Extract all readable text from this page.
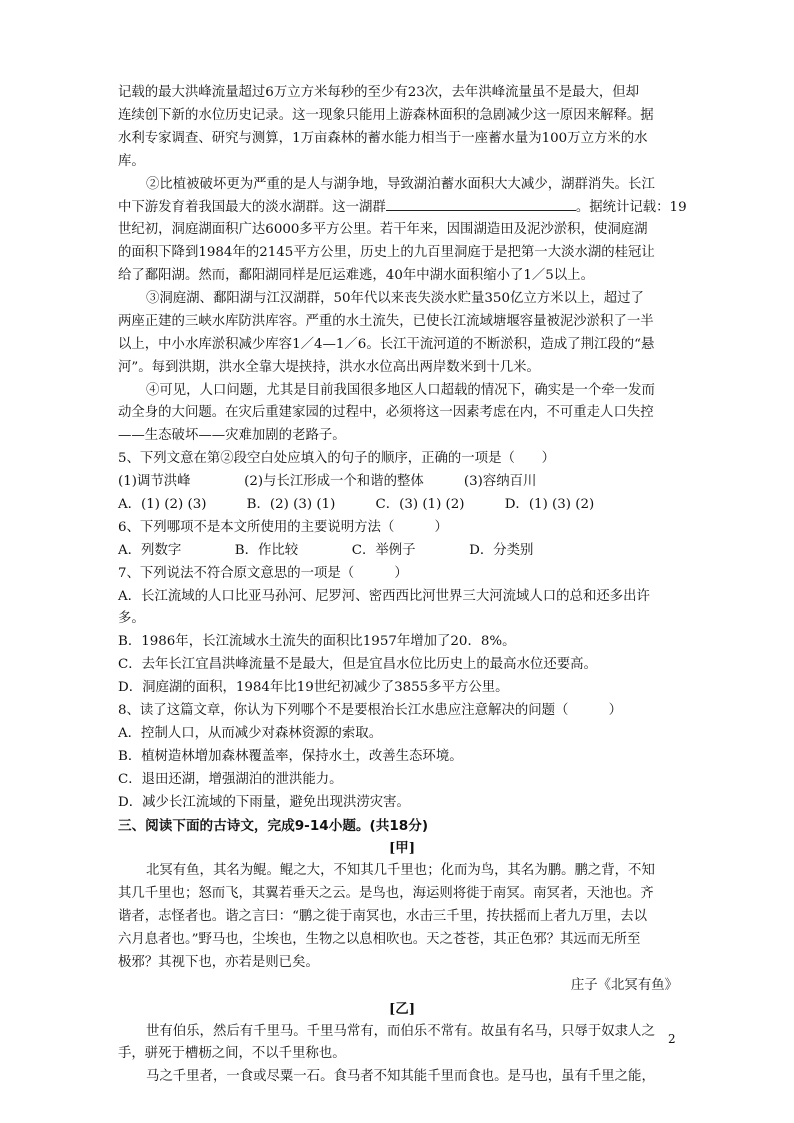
记载的最大洪峰流量超过6万立方米每秒的至少有23次，去年洪峰流量虽不是最大，但却
连续创下新的水位历史记录。这一现象只能用上游森林面积的急剧减少这一原因来解释。据
水利专家调查、研究与测算，1万亩森林的蓄水能力相当于一座蓄水量为100万立方米的水
库。
②比植被破坏更为严重的是人与湖争地，导致湖泊蓄水面积大大减少，湖群消失。长江
中下游发育着我国最大的淡水湖群。这一湖群	。据统计记载：19
世纪初，洞庭湖面积广达6000多平方公里。若干年来，因围湖造田及泥沙淤积，使洞庭湖
的面积下降到1984年的2145平方公里，历史上的九百里洞庭于是把第一大淡水湖的桂冠让
给了鄱阳湖。然而，鄱阳湖同样是厄运难逃，40年中湖水面积缩小了1／5以上。
③洞庭湖、鄱阳湖与江汉湖群，50年代以来丧失淡水贮量350亿立方米以上，超过了
两座正建的三峡水库防洪库容。严重的水土流失，已使长江流域塘堰容量被泥沙淤积了一半
以上，中小水库淤积减少库容1／4—1／6。长江干流河道的不断淤积，造成了荆江段的“悬
河”。每到洪期，洪水全靠大堤挟持，洪水水位高出两岸数米到十几米。
④可见，人口问题，尤其是目前我国很多地区人口超载的情况下，确实是一个牵一发而
动全身的大问题。在灾后重建家园的过程中，必须将这一因素考虑在内，不可重走人口失控
——生态破坏——灾难加剧的老路子。
5、下列文意在第②段空白处应填入的句子的顺序，正确的一项是（　　）
(1)调节洪峰　　　　(2)与长江形成一个和谐的整体　　　(3)容纳百川
A．(1) (2) (3)　　　B．(2) (3) (1)　　　C．(3) (1) (2)　　　D．(1) (3) (2)
6、下列哪项不是本文所使用的主要说明方法（　　　）
A．列数字　　　　B．作比较　　　　C．举例子　　　　D．分类别
7、下列说法不符合原文意思的一项是（　　　）
A．长江流域的人口比亚马孙河、尼罗河、密西西比河世界三大河流域人口的总和还多出许
多。
B．1986年，长江流域水土流失的面积比1957年增加了20．8%。
C．去年长江宜昌洪峰流量不是最大，但是宜昌水位比历史上的最高水位还要高。
D．洞庭湖的面积，1984年比19世纪初减少了3855多平方公里。
8、读了这篇文章，你认为下列哪个不是要根治长江水患应注意解决的问题（　　　）
A．控制人口，从而减少对森林资源的索取。
B．植树造林增加森林覆盖率，保持水土，改善生态环境。
C．退田还湖，增强湖泊的泄洪能力。
D．减少长江流域的下雨量，避免出现洪涝灾害。
三、阅读下面的古诗文，完成9-14小题。(共18分)
[甲]
北冥有鱼，其名为鲲。鲲之大，不知其几千里也；化而为鸟，其名为鹏。鹏之背，不知
其几千里也；怒而飞，其翼若垂天之云。是鸟也，海运则将徙于南冥。南冥者，天池也。齐
谐者，志怪者也。谐之言曰：“鹏之徙于南冥也，水击三千里，抟扶摇而上者九万里，去以
六月息者也。”野马也，尘埃也，生物之以息相吹也。天之苍苍，其正色邪？其远而无所至
极邪？其视下也，亦若是则已矣。
庄子《北冥有鱼》
[乙]
世有伯乐，然后有千里马。千里马常有，而伯乐不常有。故虽有名马，只辱于奴隶人之
手，骈死于槽枥之间，不以千里称也。
马之千里者，一食或尽粟一石。食马者不知其能千里而食也。是马也，虽有千里之能，
2
